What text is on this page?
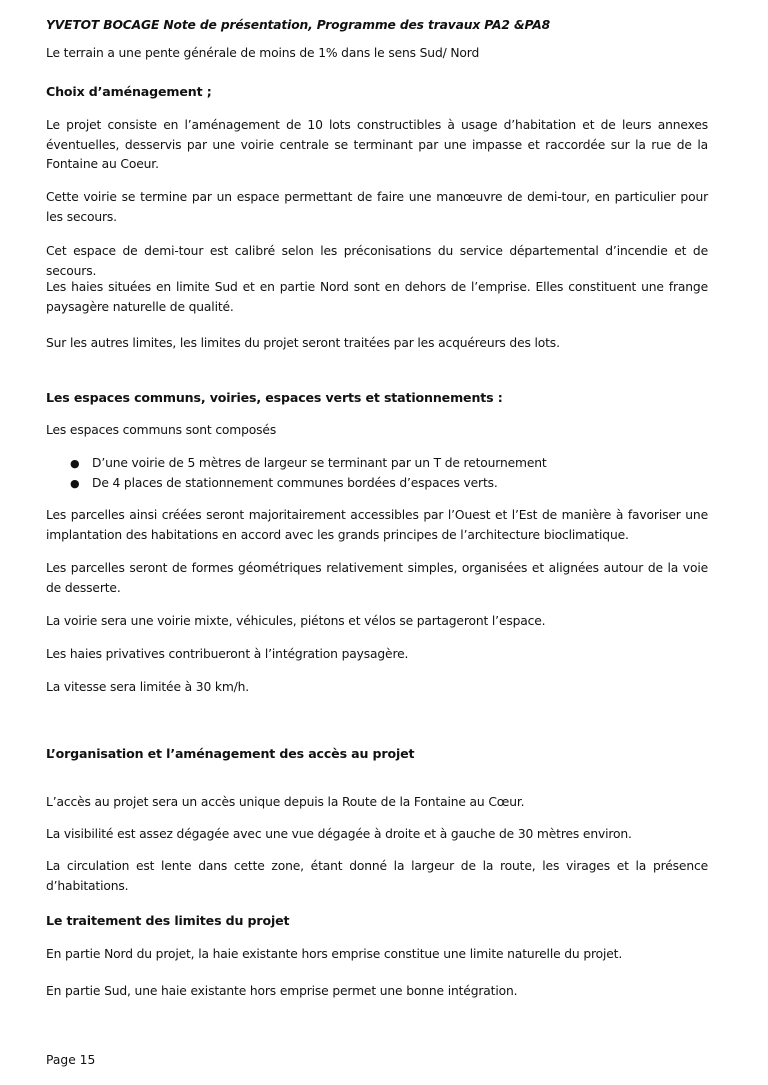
YVETOT BOCAGE Note de présentation, Programme des travaux PA2 &PA8

Le terrain a une pente générale de moins de 1% dans le sens Sud/ Nord

Choix d’aménagement ;

Le projet consiste en l’aménagement de 10 lots constructibles à usage d’habitation et de leurs annexes éventuelles, desservis par une voirie centrale se terminant par une impasse et raccordée sur la rue de la Fontaine au Coeur.

Cette voirie se termine par un espace permettant de faire une manœuvre de demi-tour, en particulier pour les secours.

Cet espace de demi-tour est calibré selon les préconisations du service départemental d’incendie et de secours.

Les haies situées en limite Sud et en partie Nord sont en dehors de l’emprise. Elles constituent une frange paysagère naturelle de qualité.

Sur les autres limites, les limites du projet seront traitées par les acquéreurs des lots.

Les espaces communs, voiries, espaces verts et stationnements :

Les espaces communs sont composés

● D’une voirie de 5 mètres de largeur se terminant par un T de retournement
● De 4 places de stationnement communes bordées d’espaces verts.

Les parcelles ainsi créées seront majoritairement accessibles par l’Ouest et l’Est de manière à favoriser une implantation des habitations en accord avec les grands principes de l’architecture bioclimatique.

Les parcelles seront de formes géométriques relativement simples, organisées et alignées autour de la voie de desserte.

La voirie sera une voirie mixte, véhicules, piétons et vélos se partageront l’espace.

Les haies privatives contribueront à l’intégration paysagère.

La vitesse sera limitée à 30 km/h.

L’organisation et l’aménagement des accès au projet

L’accès au projet sera un accès unique depuis la Route de la Fontaine au Cœur.

La visibilité est assez dégagée avec une vue dégagée à droite et à gauche de 30 mètres environ.

La circulation est lente dans cette zone, étant donné la largeur de la route, les virages et la présence d’habitations.

Le traitement des limites du projet

En partie Nord du projet, la haie existante hors emprise constitue une limite naturelle du projet.

En partie Sud, une haie existante hors emprise permet une bonne intégration.

Page 15
